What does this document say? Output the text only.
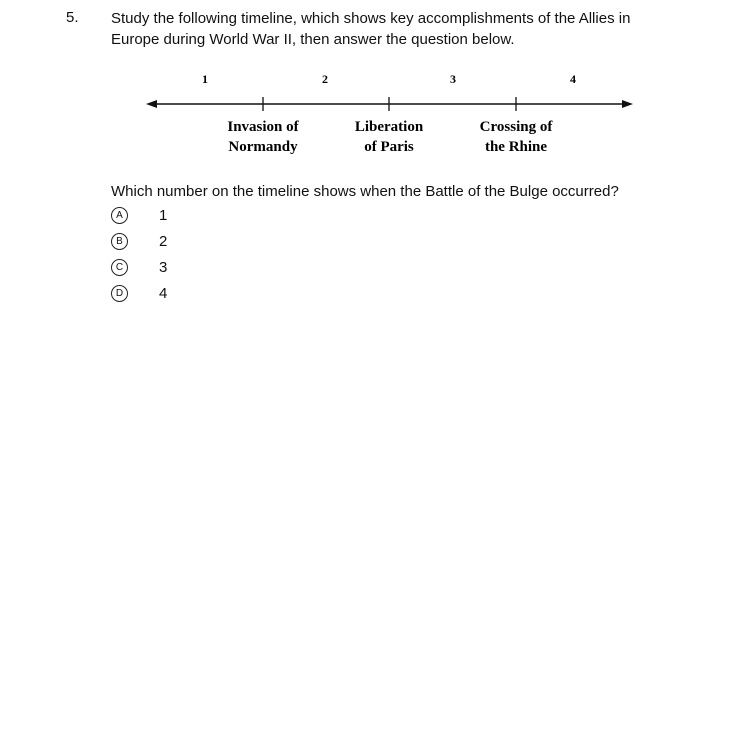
5. Study the following timeline, which shows key accomplishments of the Allies in
Europe during World War II, then answer the question below.
1	2	3	4
Invasion of
Normandy
Liberation
of Paris
Crossing of
the Rhine
Which number on the timeline shows when the Battle of the Bulge occurred?
A	1
B	2
C	3
D	4
